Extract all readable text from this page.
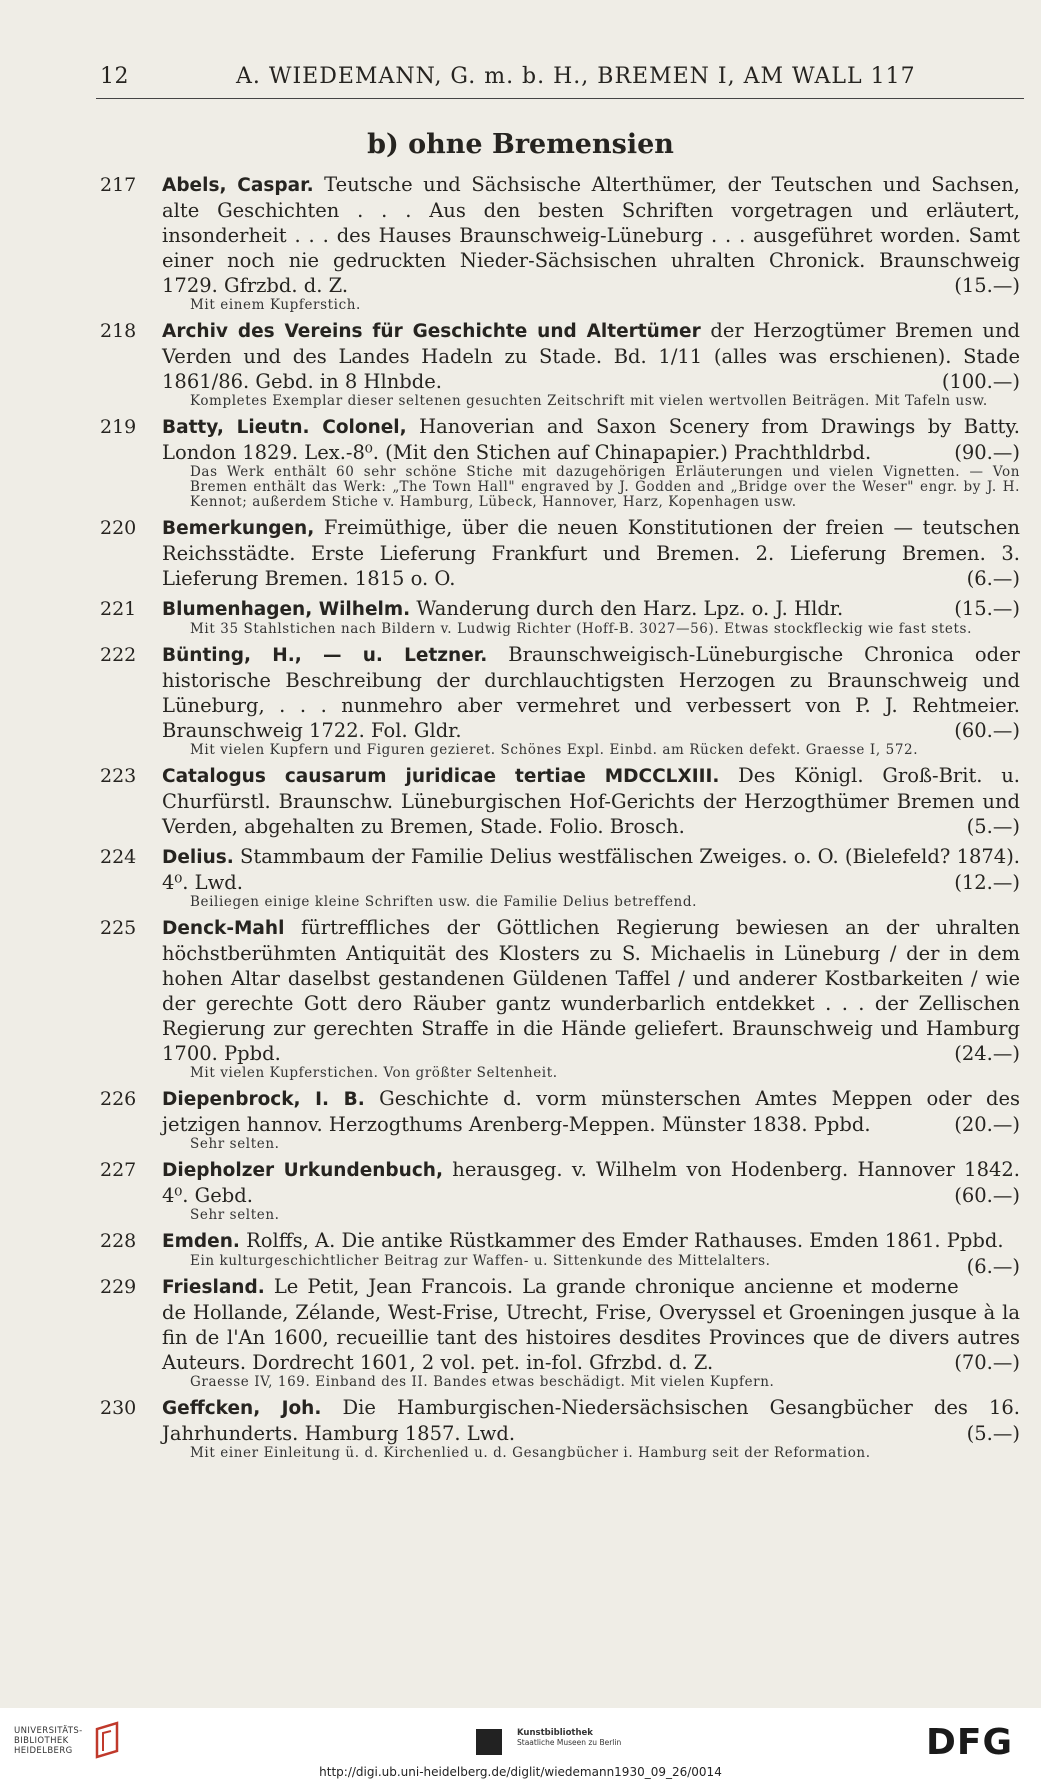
12	A. WIEDEMANN, G. m. b. H., BREMEN I, AM WALL 117
b) ohne Bremensien
217 Abels, Caspar. Teutsche und Sächsische Alterthümer, der Teutschen und Sachsen, alte Geschichten . . . Aus den besten Schriften vorgetragen und erläutert, insonderheit . . . des Hauses Braunschweig-Lüneburg . . . ausgeführet worden. Samt einer noch nie gedruckten Nieder-Sächsischen uhralten Chronick. Braunschweig 1729. Gfrzbd. d. Z.	(15.—)

Mit einem Kupferstich.
218 Archiv des Vereins für Geschichte und Altertümer der Herzogtümer Bremen und Verden und des Landes Hadeln zu Stade. Bd. 1/11 (alles was erschienen). Stade 1861/86. Gebd. in 8 Hlnbde.	(100.—)

Kompletes Exemplar dieser seltenen gesuchten Zeitschrift mit vielen wertvollen Beiträgen. Mit Tafeln usw.
219 Batty, Lieutn. Colonel, Hanoverian and Saxon Scenery from Drawings by Batty. London 1829. Lex.-8⁰. (Mit den Stichen auf Chinapapier.) Prachthldrbd.	(90.—)

Das Werk enthält 60 sehr schöne Stiche mit dazugehörigen Erläuterungen und vielen Vignetten. — Von Bremen enthält das Werk: „The Town Hall" engraved by J. Godden and „Bridge over the Weser" engr. by J. H. Kennot; außerdem Stiche v. Hamburg, Lübeck, Hannover, Harz, Kopenhagen usw.
220 Bemerkungen, Freimüthige, über die neuen Konstitutionen der freien — teutschen Reichsstädte. Erste Lieferung Frankfurt und Bremen. 2. Lieferung Bremen. 3. Lieferung Bremen. 1815 o. O.	(6.—)

221 Blumenhagen, Wilhelm. Wanderung durch den Harz. Lpz. o. J. Hldr.	(15.—)

Mit 35 Stahlstichen nach Bildern v. Ludwig Richter (Hoff-B. 3027—56). Etwas stockfleckig wie fast stets.
222 Bünting, H., — u. Letzner. Braunschweigisch-Lüneburgische Chronica oder historische Beschreibung der durchlauchtigsten Herzogen zu Braunschweig und Lüneburg, . . . nunmehro aber vermehret und verbessert von P. J. Rehtmeier. Braunschweig 1722. Fol. Gldr.	(60.—)

Mit vielen Kupfern und Figuren gezieret. Schönes Expl. Einbd. am Rücken defekt. Graesse I, 572.
223 Catalogus causarum juridicae tertiae MDCCLXIII. Des Königl. Groß-Brit. u. Churfürstl. Braunschw. Lüneburgischen Hof-Gerichts der Herzogthümer Bremen und Verden, abgehalten zu Bremen, Stade. Folio. Brosch.	(5.—)

224 Delius. Stammbaum der Familie Delius westfälischen Zweiges. o. O. (Bielefeld? 1874). 4⁰. Lwd.	(12.—)

Beiliegen einige kleine Schriften usw. die Familie Delius betreffend.
225 Denck-Mahl fürtreffliches der Göttlichen Regierung bewiesen an der uhralten höchstberühmten Antiquität des Klosters zu S. Michaelis in Lüneburg / der in dem hohen Altar daselbst gestandenen Güldenen Taffel / und anderer Kostbarkeiten / wie der gerechte Gott dero Räuber gantz wunderbarlich entdekket . . . der Zellischen Regierung zur gerechten Straffe in die Hände geliefert. Braunschweig und Hamburg 1700. Ppbd.	(24.—)

Mit vielen Kupferstichen. Von größter Seltenheit.
226 Diepenbrock, I. B. Geschichte d. vorm münsterschen Amtes Meppen oder des jetzigen hannov. Herzogthums Arenberg-Meppen. Münster 1838. Ppbd.	(20.—)

Sehr selten.
227 Diepholzer Urkundenbuch, herausgeg. v. Wilhelm von Hodenberg. Hannover 1842. 4⁰. Gebd.	(60.—)

Sehr selten.
228 Emden. Rolffs, A. Die antike Rüstkammer des Emder Rathauses. Emden 1861. Ppbd.
(6.—)

Ein kulturgeschichtlicher Beitrag zur Waffen- u. Sittenkunde des Mittelalters.
229 Friesland. Le Petit, Jean Francois. La grande chronique ancienne et moderne de Hollande, Zélande, West-Frise, Utrecht, Frise, Overyssel et Groeningen jusque à la fin de l'An 1600, recueillie tant des histoires desdites Provinces que de divers autres Auteurs. Dordrecht 1601, 2 vol. pet. in-fol. Gfrzbd. d. Z.	(70.—)

Graesse IV, 169. Einband des II. Bandes etwas beschädigt. Mit vielen Kupfern.
230 Geffcken, Joh. Die Hamburgischen-Niedersächsischen Gesangbücher des 16. Jahrhunderts. Hamburg 1857. Lwd.	(5.—)

Mit einer Einleitung ü. d. Kirchenlied u. d. Gesangbücher i. Hamburg seit der Reformation.
UNIVERSITÄTS-
BIBLIOTHEK
HEIDELBERG
Kunstbibliothek
Staatliche Museen zu Berlin	DFG
http://digi.ub.uni-heidelberg.de/diglit/wiedemann1930_09_26/0014
